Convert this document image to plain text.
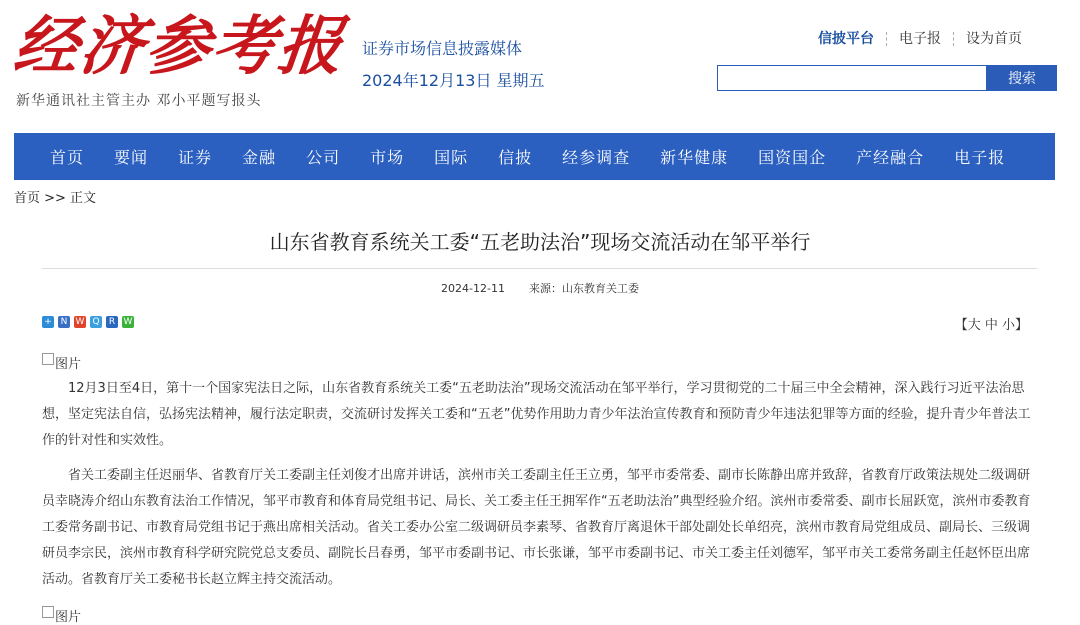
经济参考报
新华通讯社主管主办 邓小平题写报头
证券市场信息披露媒体
2024年12月13日 星期五
信披平台 电子报 设为首页
搜索
首页 要闻 证券 金融 公司 市场 国际 信披 经参调查 新华健康 国资国企 产经融合 电子报
首页 >> 正文
山东省教育系统关工委“五老助法治”现场交流活动在邹平举行
2024-12-11 来源：山东教育关工委
+ N W Q	R W	【大 中 小】
图片
12月3日至4日，第十一个国家宪法日之际，山东省教育系统关工委“五老助法治”现场交流活动在邹平举行，学习贯彻党的二十届三中全会精神，深入践行习近平法治思想，坚定宪法自信，弘扬宪法精神，履行法定职责，交流研讨发挥关工委和“五老”优势作用助力青少年法治宣传教育和预防青少年违法犯罪等方面的经验，提升青少年普法工作的针对性和实效性。
省关工委副主任迟丽华、省教育厅关工委副主任刘俊才出席并讲话，滨州市关工委副主任王立勇，邹平市委常委、副市长陈静出席并致辞，省教育厅政策法规处二级调研员幸晓涛介绍山东教育法治工作情况，邹平市教育和体育局党组书记、局长、关工委主任王拥军作“五老助法治”典型经验介绍。滨州市委常委、副市长屈跃宽，滨州市委教育工委常务副书记、市教育局党组书记于燕出席相关活动。省关工委办公室二级调研员李素琴、省教育厅离退休干部处副处长单绍亮，滨州市教育局党组成员、副局长、三级调研员李宗民，滨州市教育科学研究院党总支委员、副院长吕春勇，邹平市委副书记、市长张谦，邹平市委副书记、市关工委主任刘德军，邹平市关工委常务副主任赵怀臣出席活动。省教育厅关工委秘书长赵立辉主持交流活动。
图片
